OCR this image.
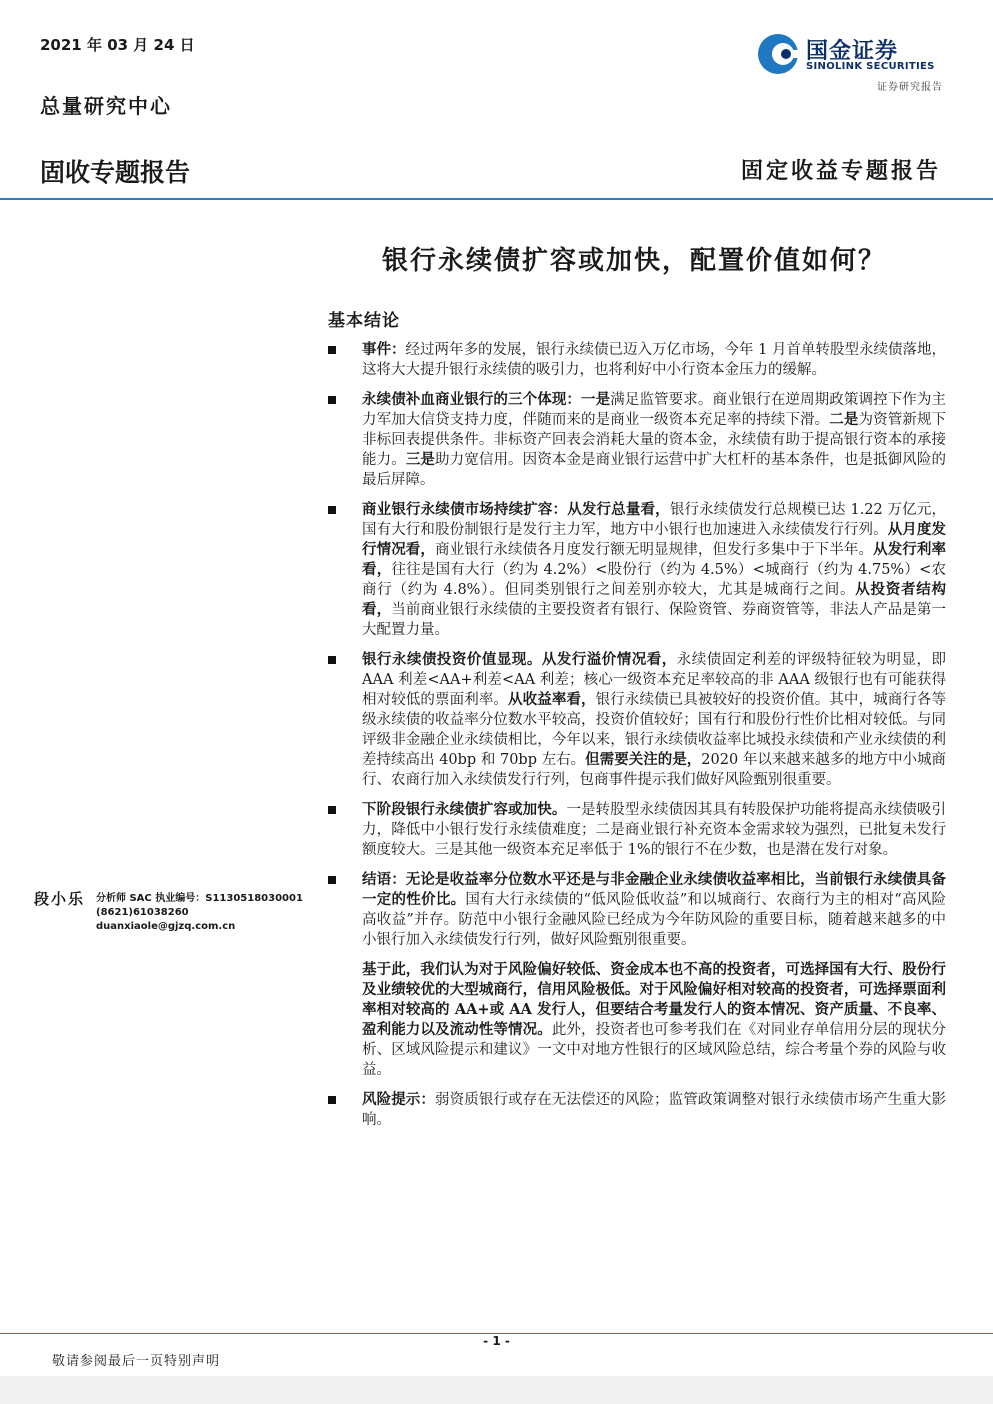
2021 年 03 月 24 日
总量研究中心
国金证券
SINOLINK SECURITIES
证券研究报告
固收专题报告	固定收益专题报告
银行永续债扩容或加快，配置价值如何？
基本结论
段小乐 分析师 SAC 执业编号：S1130518030001
(8621)61038260
duanxiaole@gjzq.com.cn
事件：经过两年多的发展，银行永续债已迈入万亿市场，今年 1 月首单转股型永续债落地，这将大大提升银行永续债的吸引力，也将利好中小行资本金压力的缓解。
永续债补血商业银行的三个体现：一是满足监管要求。商业银行在逆周期政策调控下作为主力军加大信贷支持力度，伴随而来的是商业一级资本充足率的持续下滑。二是为资管新规下非标回表提供条件。非标资产回表会消耗大量的资本金，永续债有助于提高银行资本的承接能力。三是助力宽信用。因资本金是商业银行运营中扩大杠杆的基本条件，也是抵御风险的最后屏障。
商业银行永续债市场持续扩容：从发行总量看，银行永续债发行总规模已达 1.22 万亿元，国有大行和股份制银行是发行主力军，地方中小银行也加速进入永续债发行行列。从月度发行情况看，商业银行永续债各月度发行额无明显规律，但发行多集中于下半年。从发行利率看，往往是国有大行（约为 4.2%）<股份行（约为 4.5%）<城商行（约为 4.75%）<农商行（约为 4.8%）。但同类别银行之间差别亦较大，尤其是城商行之间。从投资者结构看，当前商业银行永续债的主要投资者有银行、保险资管、券商资管等，非法人产品是第一大配置力量。
银行永续债投资价值显现。从发行溢价情况看，永续债固定利差的评级特征较为明显，即 AAA 利差<AA+利差<AA 利差；核心一级资本充足率较高的非 AAA 级银行也有可能获得相对较低的票面利率。从收益率看，银行永续债已具被较好的投资价值。其中，城商行各等级永续债的收益率分位数水平较高，投资价值较好；国有行和股份行性价比相对较低。与同评级非金融企业永续债相比，今年以来，银行永续债收益率比城投永续债和产业永续债的利差持续高出 40bp 和 70bp 左右。但需要关注的是，2020 年以来越来越多的地方中小城商行、农商行加入永续债发行行列，包商事件提示我们做好风险甄别很重要。
下阶段银行永续债扩容或加快。一是转股型永续债因其具有转股保护功能将提高永续债吸引力，降低中小银行发行永续债难度；二是商业银行补充资本金需求较为强烈，已批复未发行额度较大。三是其他一级资本充足率低于 1%的银行不在少数，也是潜在发行对象。
结语：无论是收益率分位数水平还是与非金融企业永续债收益率相比，当前银行永续债具备一定的性价比。国有大行永续债的“低风险低收益”和以城商行、农商行为主的相对“高风险高收益”并存。防范中小银行金融风险已经成为今年防风险的重要目标，随着越来越多的中小银行加入永续债发行行列，做好风险甄别很重要。
基于此，我们认为对于风险偏好较低、资金成本也不高的投资者，可选择国有大行、股份行及业绩较优的大型城商行，信用风险极低。对于风险偏好相对较高的投资者，可选择票面利率相对较高的 AA+或 AA 发行人，但要结合考量发行人的资本情况、资产质量、不良率、盈利能力以及流动性等情况。此外，投资者也可参考我们在《对同业存单信用分层的现状分析、区域风险提示和建议》一文中对地方性银行的区域风险总结，综合考量个券的风险与收益。
风险提示：弱资质银行或存在无法偿还的风险；监管政策调整对银行永续债市场产生重大影响。
- 1 -
敬请参阅最后一页特别声明
